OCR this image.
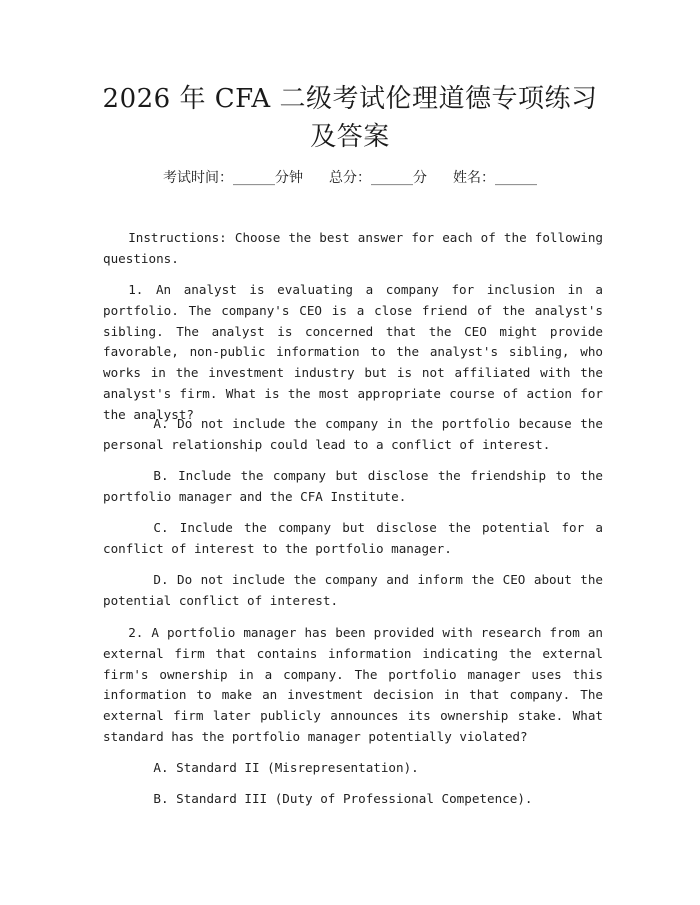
2026 年 CFA 二级考试伦理道德专项练习及答案
考试时间：______分钟 总分：______分 姓名：______

Instructions: Choose the best answer for each of the following questions.

1. An analyst is evaluating a company for inclusion in a portfolio. The company's CEO is a close friend of the analyst's sibling. The analyst is concerned that the CEO might provide favorable, non-public information to the analyst's sibling, who works in the investment industry but is not affiliated with the analyst's firm. What is the most appropriate course of action for the analyst?

A. Do not include the company in the portfolio because the personal relationship could lead to a conflict of interest.

B. Include the company but disclose the friendship to the portfolio manager and the CFA Institute.

C. Include the company but disclose the potential for a conflict of interest to the portfolio manager.

D. Do not include the company and inform the CEO about the potential conflict of interest.

2. A portfolio manager has been provided with research from an external firm that contains information indicating the external firm's ownership in a company. The portfolio manager uses this information to make an investment decision in that company. The external firm later publicly announces its ownership stake. What standard has the portfolio manager potentially violated?

A. Standard II (Misrepresentation).

B. Standard III (Duty of Professional Competence).
